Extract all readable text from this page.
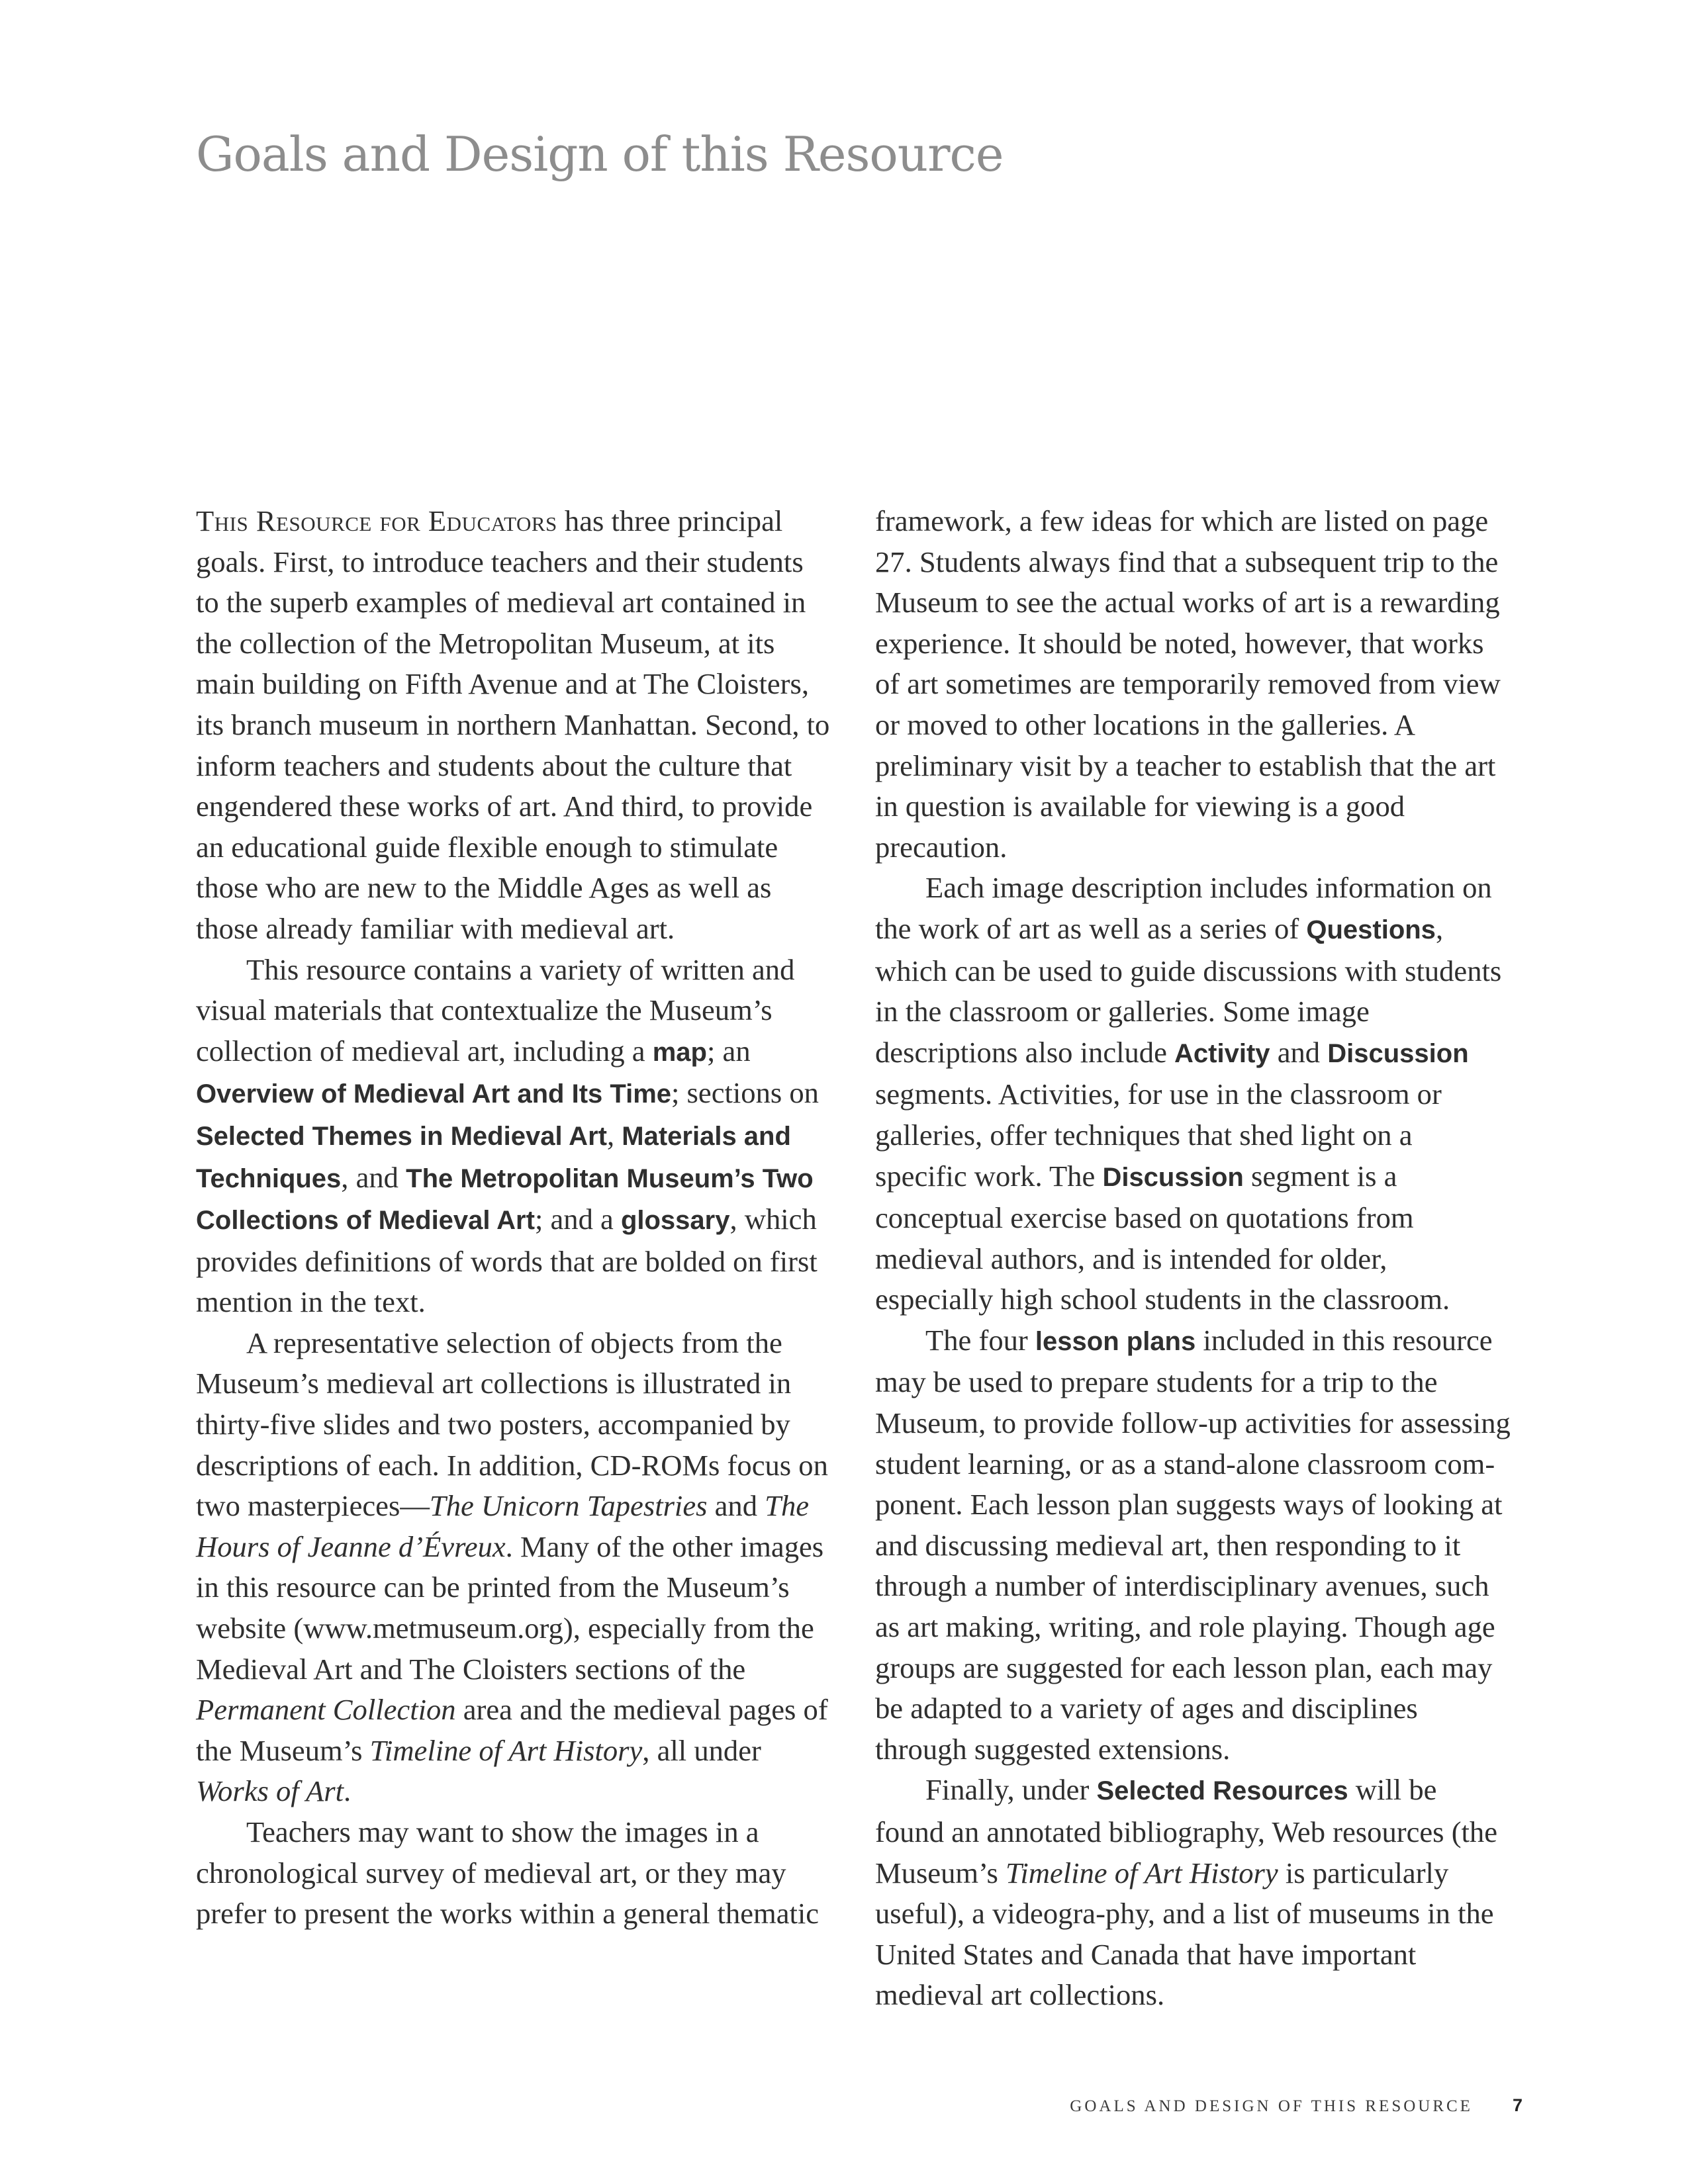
Goals and Design of this Resource

This Resource for Educators has three principal goals. First, to introduce teachers and their students to the superb examples of medieval art contained in the collection of the Metropolitan Museum, at its main building on Fifth Avenue and at The Cloisters, its branch museum in northern Manhattan. Second, to inform teachers and students about the culture that engendered these works of art. And third, to provide an educational guide flexible enough to stimulate those who are new to the Middle Ages as well as those already familiar with medieval art.

This resource contains a variety of written and visual materials that contextualize the Museum’s collection of medieval art, including a map; an Overview of Medieval Art and Its Time; sections on Selected Themes in Medieval Art, Materials and Techniques, and The Metropolitan Museum’s Two Collections of Medieval Art; and a glossary, which provides definitions of words that are bolded on first mention in the text.

A representative selection of objects from the Museum’s medieval art collections is illustrated in thirty-five slides and two posters, accompanied by descriptions of each. In addition, CD-ROMs focus on two masterpieces—The Unicorn Tapestries and The Hours of Jeanne d’Évreux. Many of the other images in this resource can be printed from the Museum’s website (www.metmuseum.org), especially from the Medieval Art and The Cloisters sections of the Permanent Collection area and the medieval pages of the Museum’s Timeline of Art History, all under Works of Art.

Teachers may want to show the images in a chronological survey of medieval art, or they may prefer to present the works within a general thematic

framework, a few ideas for which are listed on page 27. Students always find that a subsequent trip to the Museum to see the actual works of art is a rewarding experience. It should be noted, however, that works of art sometimes are temporarily removed from view or moved to other locations in the galleries. A preliminary visit by a teacher to establish that the art in question is available for viewing is a good precaution.

Each image description includes information on the work of art as well as a series of Questions, which can be used to guide discussions with students in the classroom or galleries. Some image descriptions also include Activity and Discussion segments. Activities, for use in the classroom or galleries, offer techniques that shed light on a specific work. The Discussion segment is a conceptual exercise based on quotations from medieval authors, and is intended for older, especially high school students in the classroom.

The four lesson plans included in this resource may be used to prepare students for a trip to the Museum, to provide follow-up activities for assessing student learning, or as a stand-alone classroom com-ponent. Each lesson plan suggests ways of looking at and discussing medieval art, then responding to it through a number of interdisciplinary avenues, such as art making, writing, and role playing. Though age groups are suggested for each lesson plan, each may be adapted to a variety of ages and disciplines through suggested extensions.

Finally, under Selected Resources will be found an annotated bibliography, Web resources (the Museum’s Timeline of Art History is particularly useful), a videogra-phy, and a list of museums in the United States and Canada that have important medieval art collections.

GOALS AND DESIGN OF THIS RESOURCE 7
